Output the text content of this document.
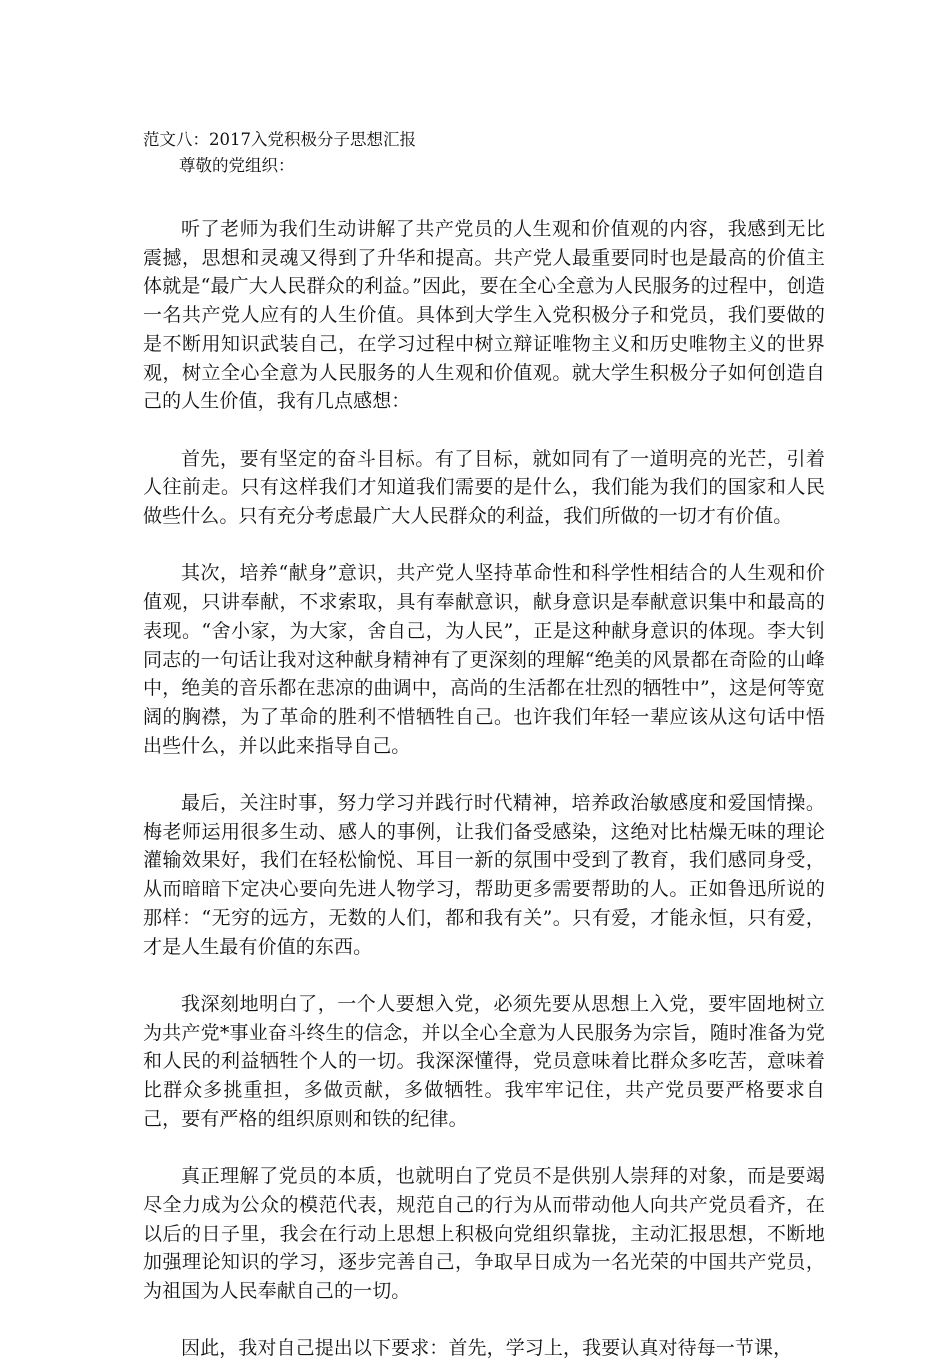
范文八：2017入党积极分子思想汇报

尊敬的党组织：

听了老师为我们生动讲解了共产党员的人生观和价值观的内容，我感到无比震撼，思想和灵魂又得到了升华和提高。共产党人最重要同时也是最高的价值主体就是“最广大人民群众的利益。”因此，要在全心全意为人民服务的过程中，创造一名共产党人应有的人生价值。具体到大学生入党积极分子和党员，我们要做的是不断用知识武装自己，在学习过程中树立辩证唯物主义和历史唯物主义的世界观，树立全心全意为人民服务的人生观和价值观。就大学生积极分子如何创造自己的人生价值，我有几点感想：

首先，要有坚定的奋斗目标。有了目标，就如同有了一道明亮的光芒，引着人往前走。只有这样我们才知道我们需要的是什么，我们能为我们的国家和人民做些什么。只有充分考虑最广大人民群众的利益，我们所做的一切才有价值。

其次，培养“献身”意识，共产党人坚持革命性和科学性相结合的人生观和价值观，只讲奉献，不求索取，具有奉献意识，献身意识是奉献意识集中和最高的表现。“舍小家，为大家，舍自己，为人民”，正是这种献身意识的体现。李大钊同志的一句话让我对这种献身精神有了更深刻的理解“绝美的风景都在奇险的山峰中，绝美的音乐都在悲凉的曲调中，高尚的生活都在壮烈的牺牲中”，这是何等宽阔的胸襟，为了革命的胜利不惜牺牲自己。也许我们年轻一辈应该从这句话中悟出些什么，并以此来指导自己。

最后，关注时事，努力学习并践行时代精神，培养政治敏感度和爱国情操。梅老师运用很多生动、感人的事例，让我们备受感染，这绝对比枯燥无味的理论灌输效果好，我们在轻松愉悦、耳目一新的氛围中受到了教育，我们感同身受，从而暗暗下定决心要向先进人物学习，帮助更多需要帮助的人。正如鲁迅所说的那样：“无穷的远方，无数的人们，都和我有关”。只有爱，才能永恒，只有爱，才是人生最有价值的东西。

我深刻地明白了，一个人要想入党，必须先要从思想上入党，要牢固地树立为共产党*事业奋斗终生的信念，并以全心全意为人民服务为宗旨，随时准备为党和人民的利益牺牲个人的一切。我深深懂得，党员意味着比群众多吃苦，意味着比群众多挑重担，多做贡献，多做牺牲。我牢牢记住，共产党员要严格要求自己，要有严格的组织原则和铁的纪律。

真正理解了党员的本质，也就明白了党员不是供别人崇拜的对象，而是要竭尽全力成为公众的模范代表，规范自己的行为从而带动他人向共产党员看齐，在以后的日子里，我会在行动上思想上积极向党组织靠拢，主动汇报思想，不断地加强理论知识的学习，逐步完善自己，争取早日成为一名光荣的中国共产党员，为祖国为人民奉献自己的一切。

因此，我对自己提出以下要求：首先，学习上，我要认真对待每一节课，
